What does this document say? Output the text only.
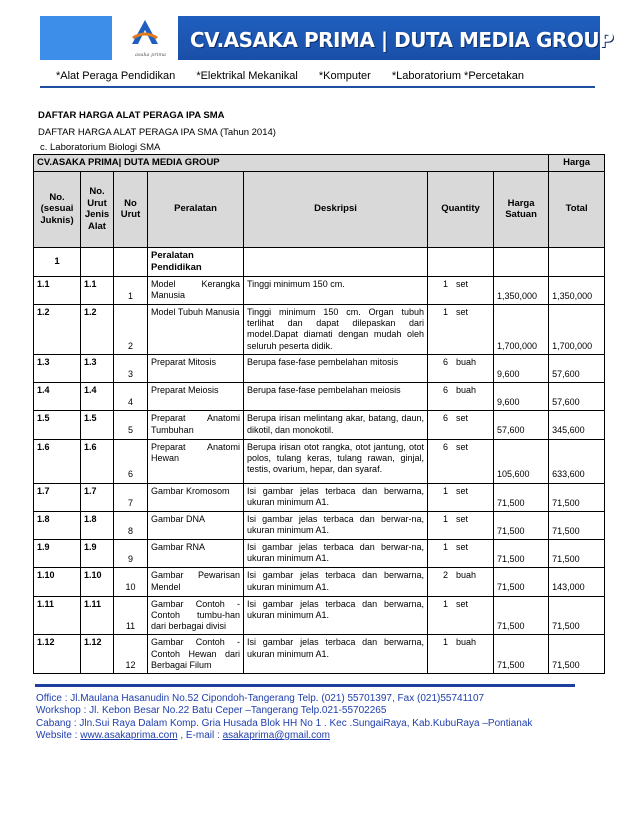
asaka prima
CV.ASAKA PRIMA | DUTA MEDIA GROUP
*Alat Peraga Pendidikan *Elektrikal Mekanikal *Komputer *Laboratorium *Percetakan
DAFTAR HARGA ALAT PERAGA IPA SMA
DAFTAR HARGA ALAT PERAGA IPA SMA (Tahun 2014)
c. Laboratorium Biologi SMA
CV.ASAKA PRIMA| DUTA MEDIA GROUP							Harga
No. (sesuai Juknis)	No. Urut Jenis Alat	No Urut	Peralatan	Deskripsi	Quantity	Harga Satuan	Total
1			Peralatan Pendidikan				
1.1	1.1	1	Model Kerangka Manusia	Tinggi minimum 150 cm.	1 set	1,350,000	1,350,000
1.2	1.2	2	Model Tubuh Manusia	Tinggi minimum 150 cm. Organ tubuh terlihat dan dapat dilepaskan dari model.Dapat diamati dengan mudah oleh seluruh peserta didik.	1 set	1,700,000	1,700,000
1.3	1.3	3	Preparat Mitosis	Berupa fase-fase pembelahan mitosis	6 buah	9,600	57,600
1.4	1.4	4	Preparat Meiosis	Berupa fase-fase pembelahan meiosis	6 buah	9,600	57,600
1.5	1.5	5	Preparat Anatomi Tumbuhan	Berupa irisan melintang akar, batang, daun, dikotil, dan monokotil.	6 set	57,600	345,600
1.6	1.6	6	Preparat Anatomi Hewan	Berupa irisan otot rangka, otot jantung, otot polos, tulang keras, tulang rawan, ginjal, testis, ovarium, hepar, dan syaraf.	6 set	105,600	633,600
1.7	1.7	7	Gambar Kromosom	Isi gambar jelas terbaca dan berwarna, ukuran minimum A1.	1 set	71,500	71,500
1.8	1.8	8	Gambar DNA	Isi gambar jelas terbaca dan berwar-na, ukuran minimum A1.	1 set	71,500	71,500
1.9	1.9	9	Gambar RNA	Isi gambar jelas terbaca dan berwar-na, ukuran minimum A1.	1 set	71,500	71,500
1.10	1.10	10	Gambar Pewarisan Mendel	Isi gambar jelas terbaca dan berwarna, ukuran minimum A1.	2 buah	71,500	143,000
1.11	1.11	11	Gambar Contoh - Contoh tumbu-han dari berbagai divisi	Isi gambar jelas terbaca dan berwarna, ukuran minimum A1.	1 set	71,500	71,500
1.12	1.12	12	Gambar Contoh - Contoh Hewan dari Berbagai Filum	Isi gambar jelas terbaca dan berwarna, ukuran minimum A1.	1 buah	71,500	71,500
Office : Jl.Maulana Hasanudin No.52 Cipondoh-Tangerang Telp. (021) 55701397, Fax (021)55741107
Workshop : Jl. Kebon Besar No.22 Batu Ceper –Tangerang Telp.021-55702265
Cabang : Jln.Sui Raya Dalam Komp. Gria Husada Blok HH No 1 . Kec .SungaiRaya, Kab.KubuRaya –Pontianak
Website : www.asakaprima.com , E-mail : asakaprima@gmail.com
